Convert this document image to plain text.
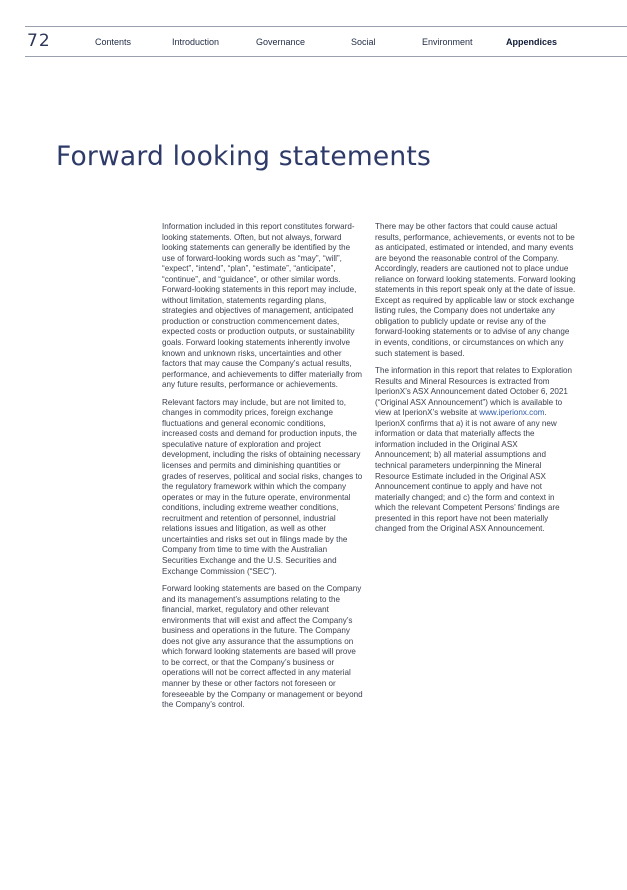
72	Contents	Introduction	Governance	Social	Environment	Appendices
Forward looking statements

Information included in this report constitutes forward-looking statements. Often, but not always, forward looking statements can generally be identified by the use of forward-looking words such as “may”, “will”, “expect”, “intend”, “plan”, “estimate”, “anticipate”, “continue”, and “guidance”, or other similar words. Forward-looking statements in this report may include, without limitation, statements regarding plans, strategies and objectives of management, anticipated production or construction commencement dates, expected costs or production outputs, or sustainability goals. Forward looking statements inherently involve known and unknown risks, uncertainties and other factors that may cause the Company’s actual results, performance, and achievements to differ materially from any future results, performance or achievements.

Relevant factors may include, but are not limited to, changes in commodity prices, foreign exchange fluctuations and general economic conditions, increased costs and demand for production inputs, the speculative nature of exploration and project development, including the risks of obtaining necessary licenses and permits and diminishing quantities or grades of reserves, political and social risks, changes to the regulatory framework within which the company operates or may in the future operate, environmental conditions, including extreme weather conditions, recruitment and retention of personnel, industrial relations issues and litigation, as well as other uncertainties and risks set out in filings made by the Company from time to time with the Australian Securities Exchange and the U.S. Securities and Exchange Commission (“SEC”).

Forward looking statements are based on the Company and its management’s assumptions relating to the financial, market, regulatory and other relevant environments that will exist and affect the Company’s business and operations in the future. The Company does not give any assurance that the assumptions on which forward looking statements are based will prove to be correct, or that the Company’s business or operations will not be correct affected in any material manner by these or other factors not foreseen or foreseeable by the Company or management or beyond the Company’s control.

There may be other factors that could cause actual results, performance, achievements, or events not to be as anticipated, estimated or intended, and many events are beyond the reasonable control of the Company. Accordingly, readers are cautioned not to place undue reliance on forward looking statements. Forward looking statements in this report speak only at the date of issue. Except as required by applicable law or stock exchange listing rules, the Company does not undertake any obligation to publicly update or revise any of the forward-looking statements or to advise of any change in events, conditions, or circumstances on which any such statement is based.

The information in this report that relates to Exploration Results and Mineral Resources is extracted from IperionX’s ASX Announcement dated October 6, 2021 (“Original ASX Announcement”) which is available to view at IperionX’s website at www.iperionx.com. IperionX confirms that a) it is not aware of any new information or data that materially affects the information included in the Original ASX Announcement; b) all material assumptions and technical parameters underpinning the Mineral Resource Estimate included in the Original ASX Announcement continue to apply and have not materially changed; and c) the form and context in which the relevant Competent Persons’ findings are presented in this report have not been materially changed from the Original ASX Announcement.
